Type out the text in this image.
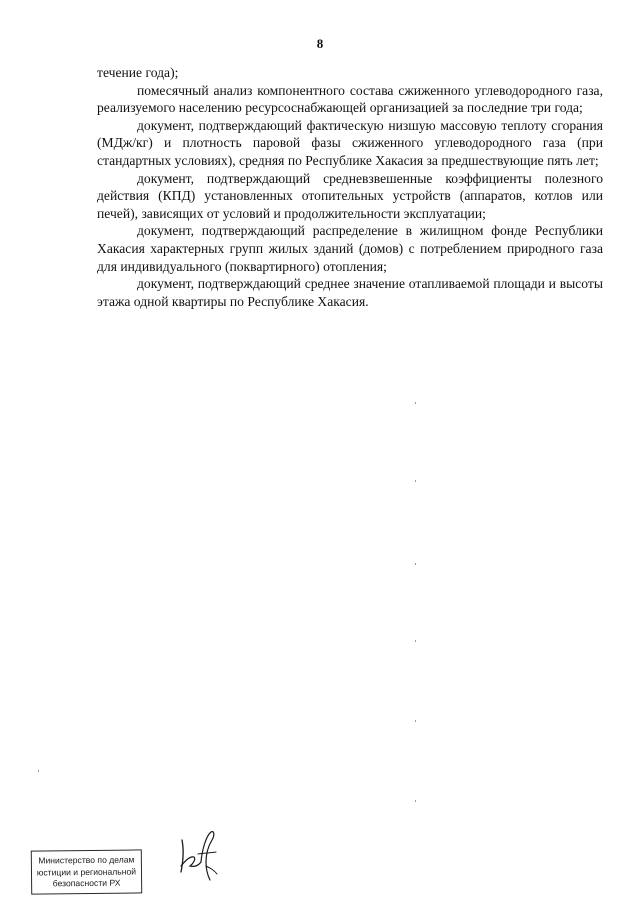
8

течение года);

помесячный анализ компонентного состава сжиженного углеводородного газа, реализуемого населению ресурсоснабжающей организацией за последние три года;

документ, подтверждающий фактическую низшую массовую теплоту сгорания (МДж/кг) и плотность паровой фазы сжиженного углеводородного газа (при стандартных условиях), средняя по Республике Хакасия за предшествующие пять лет;

документ, подтверждающий средневзвешенные коэффициенты полезного действия (КПД) установленных отопительных устройств (аппаратов, котлов или печей), зависящих от условий и продолжительности эксплуатации;

документ, подтверждающий распределение в жилищном фонде Республики Хакасия характерных групп жилых зданий (домов) с потреблением природного газа для индивидуального (поквартирного) отопления;

документ, подтверждающий среднее значение отапливаемой площади и высоты этажа одной квартиры по Республике Хакасия.

Министерство по делам
юстиции и региональной
безопасности РХ
